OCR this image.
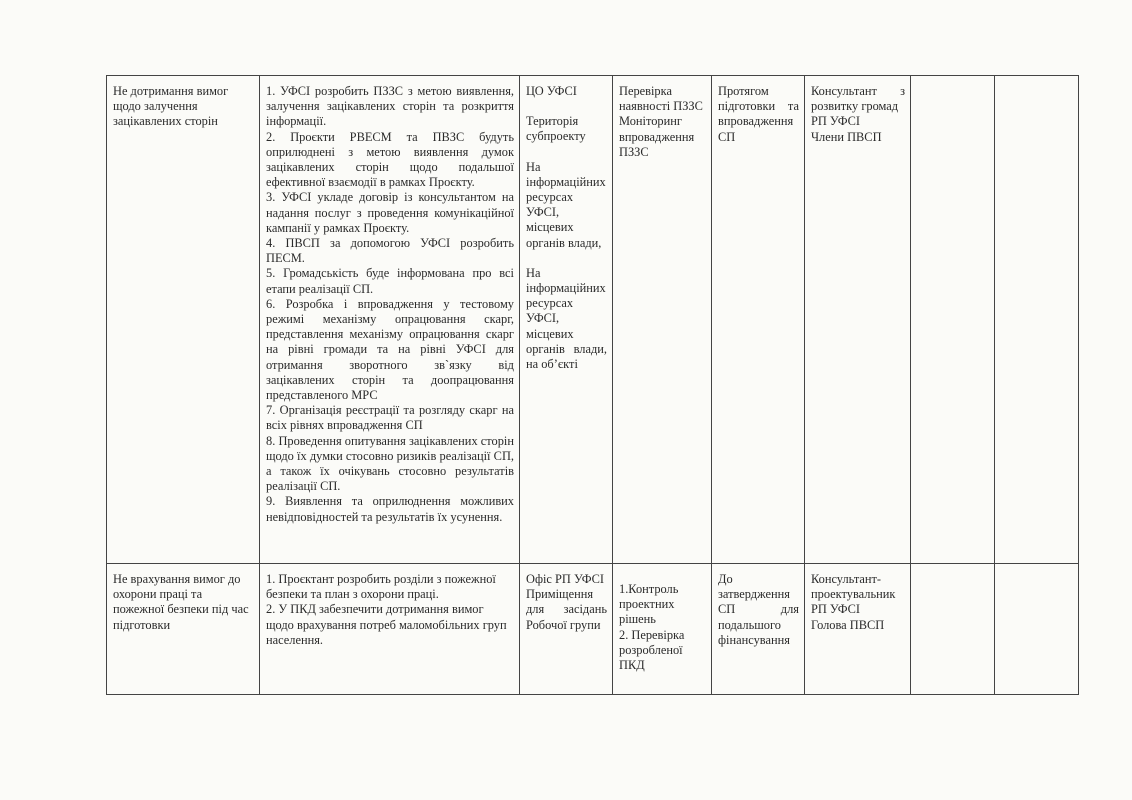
Не дотримання вимог щодо залучення зацікавлених сторін
1. УФСІ розробить ПЗЗС з метою виявлення, залучення зацікавлених сторін та розкриття інформації.
2. Проєкти РВЕСМ та ПВЗС будуть оприлюднені з метою виявлення думок зацікавлених сторін щодо подальшої ефективної взаємодії в рамках Проєкту.
3. УФСІ укладе договір із консультантом на надання послуг з проведення комунікаційної кампанії у рамках Проєкту.
4. ПВСП за допомогою УФСІ розробить ПЕСМ.
5. Громадськість буде інформована про всі етапи реалізації СП.
6. Розробка і впровадження у тестовому режимі механізму опрацювання скарг, представлення механізму опрацювання скарг на рівні громади та на рівні УФСІ для отримання зворотного зв`язку від зацікавлених сторін та доопрацювання представленого МРС
7. Організація реєстрації та розгляду скарг на всіх рівнях впровадження СП
8. Проведення опитування зацікавлених сторін щодо їх думки стосовно ризиків реалізації СП, а також їх очікувань стосовно результатів реалізації СП.
9. Виявлення та оприлюднення можливих невідповідностей та результатів їх усунення.
ЦО УФСІ
Територія субпроекту
На інформаційних ресурсах УФСІ, місцевих органів влади,
На інформаційних ресурсах УФСІ, місцевих органів влади, на об’єкті
Перевірка наявності ПЗЗС Моніторинг впровадження ПЗЗС
Протягом підготовки та впровадження СП
Консультант з розвитку громад
РП УФСІ
Члени ПВСП
Не врахування вимог до охорони праці та пожежної безпеки під час підготовки
1. Проєктант розробить розділи з пожежної безпеки та план з охорони праці.
2. У ПКД забезпечити дотримання вимог щодо врахування потреб маломобільних груп населення.
Офіс РП УФСІ
Приміщення для засідань Робочої групи
1.Контроль проектних рішень
2. Перевірка розробленої ПКД
До затвердження СП для подальшого фінансування
Консультант-проектувальник
РП УФСІ
Голова ПВСП
